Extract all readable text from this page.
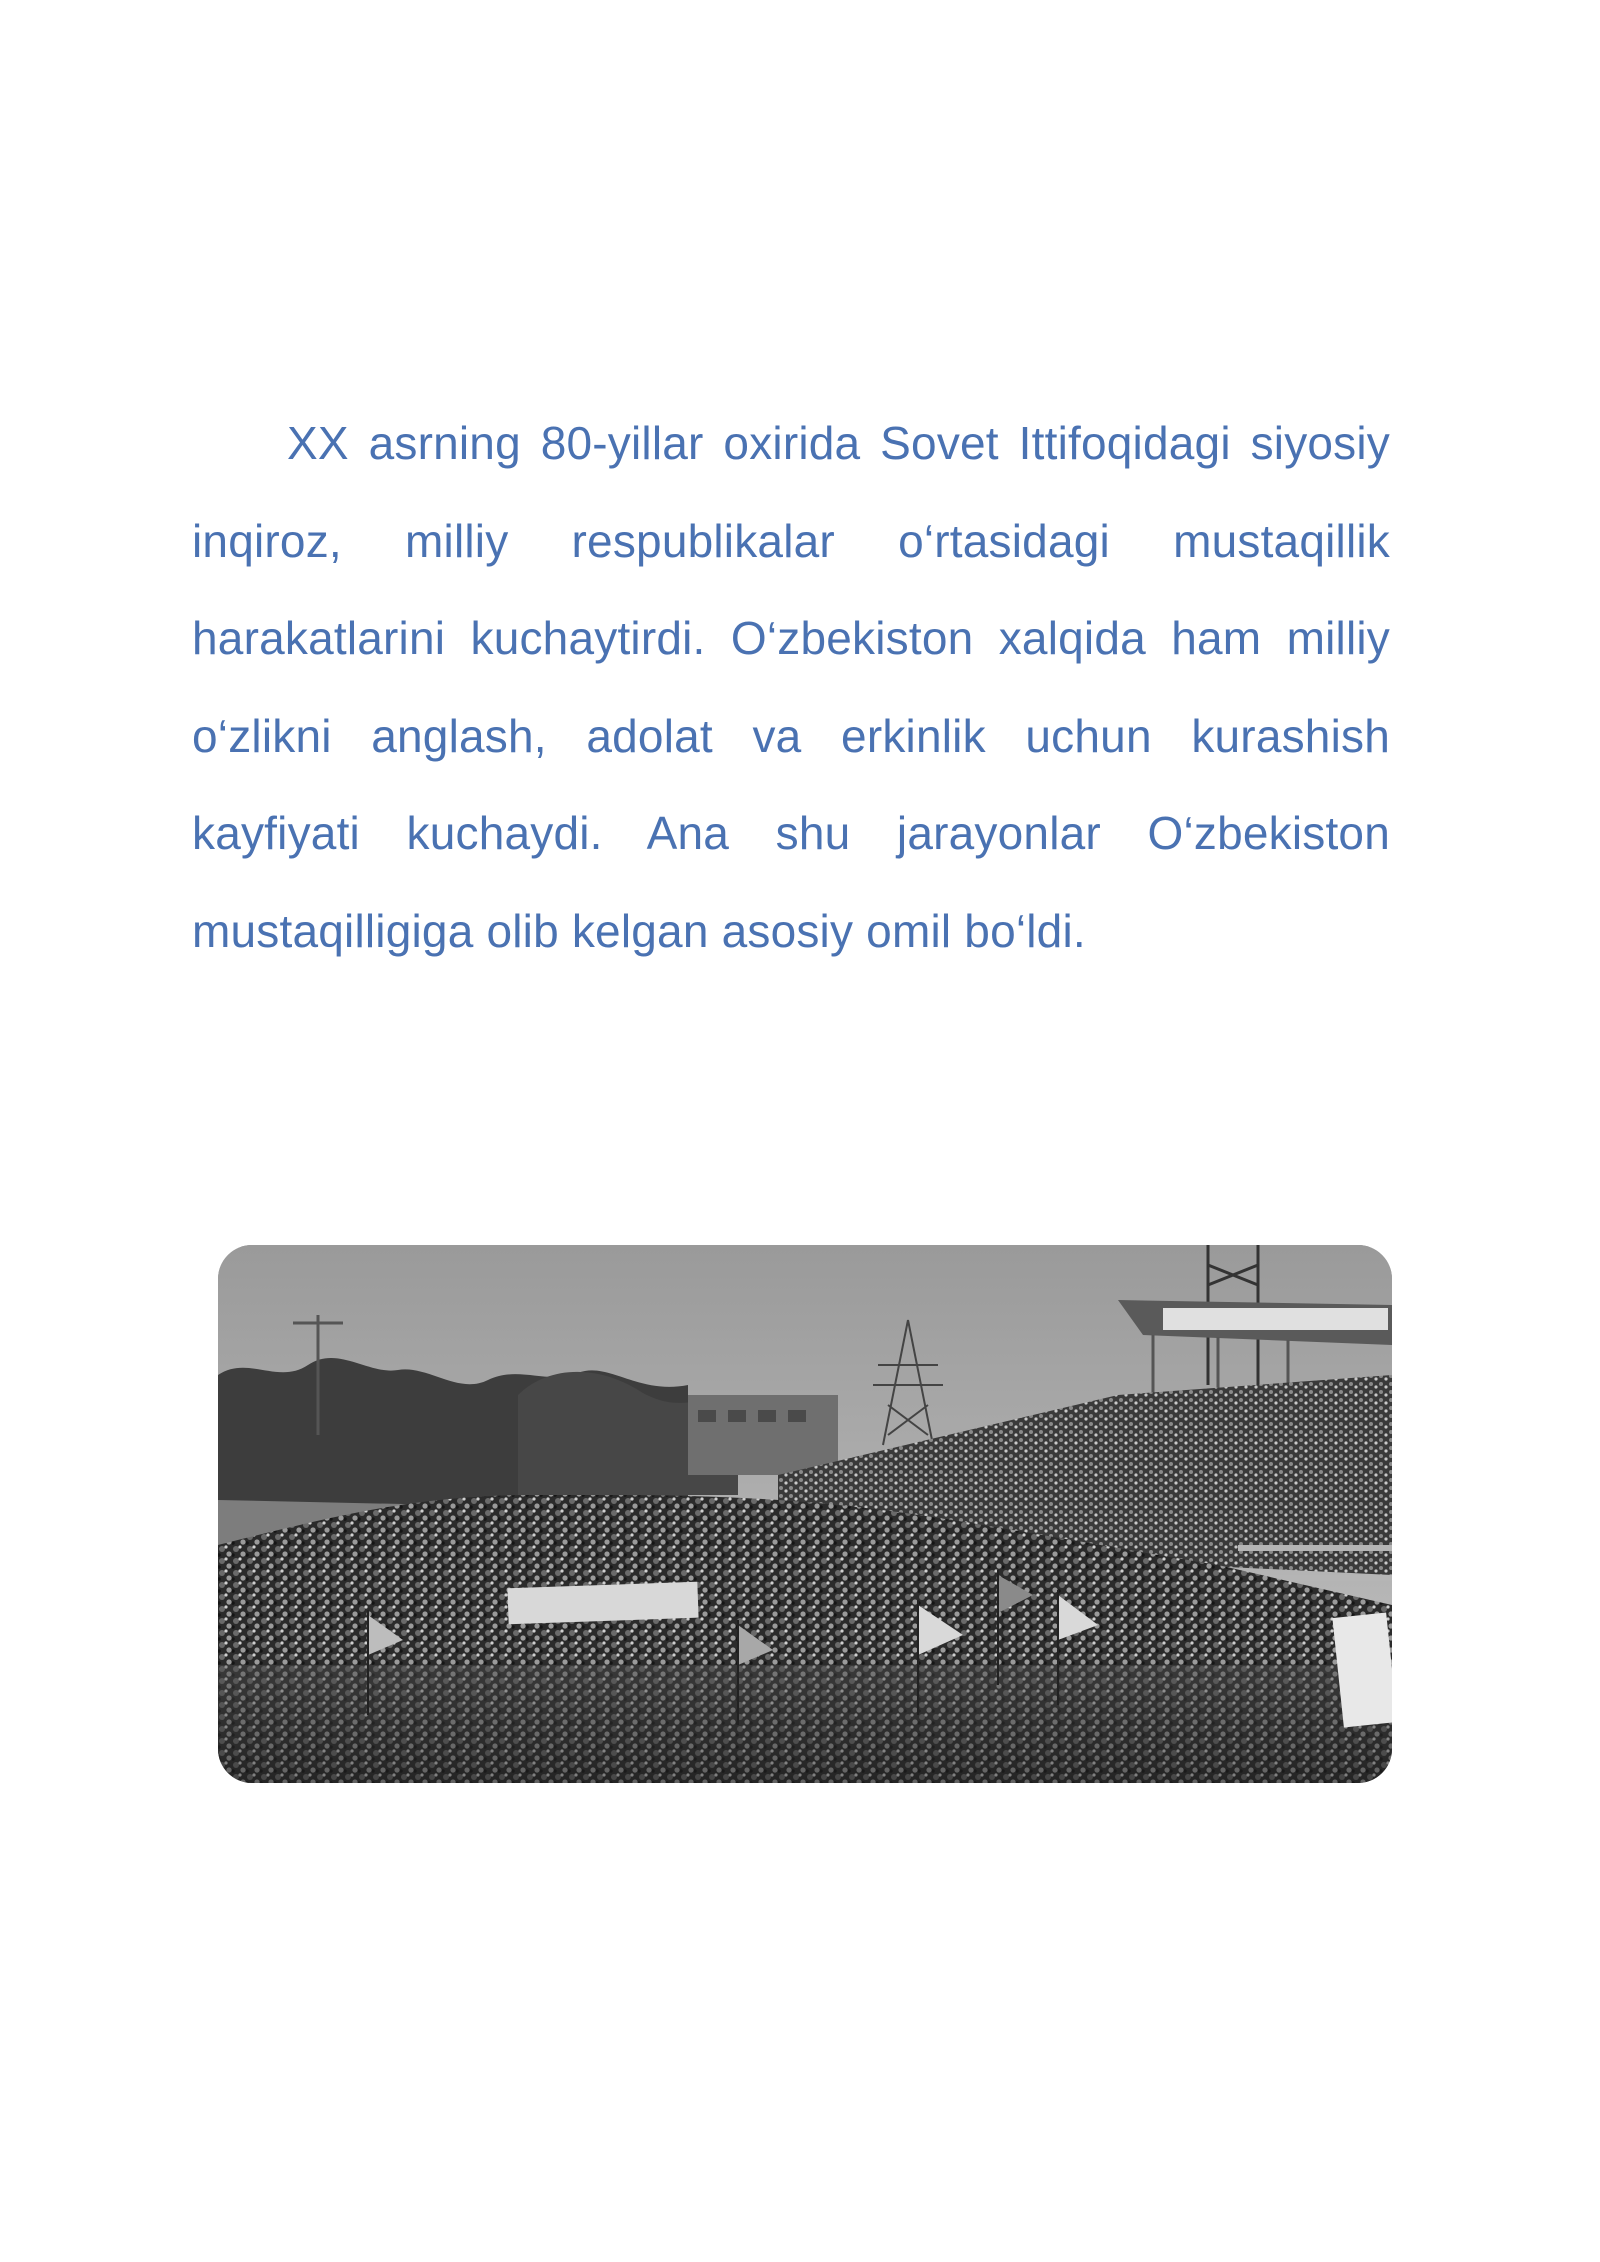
XX asrning 80-yillar oxirida Sovet Ittifoqidagi siyosiy inqiroz, milliy respublikalar o‘rtasidagi mustaqillik harakatlarini kuchaytirdi. O‘zbekiston xalqida ham milliy o‘zlikni anglash, adolat va erkinlik uchun kurashish kayfiyati kuchaydi. Ana shu jarayonlar O‘zbekiston mustaqilligiga olib kelgan asosiy omil bo‘ldi.
